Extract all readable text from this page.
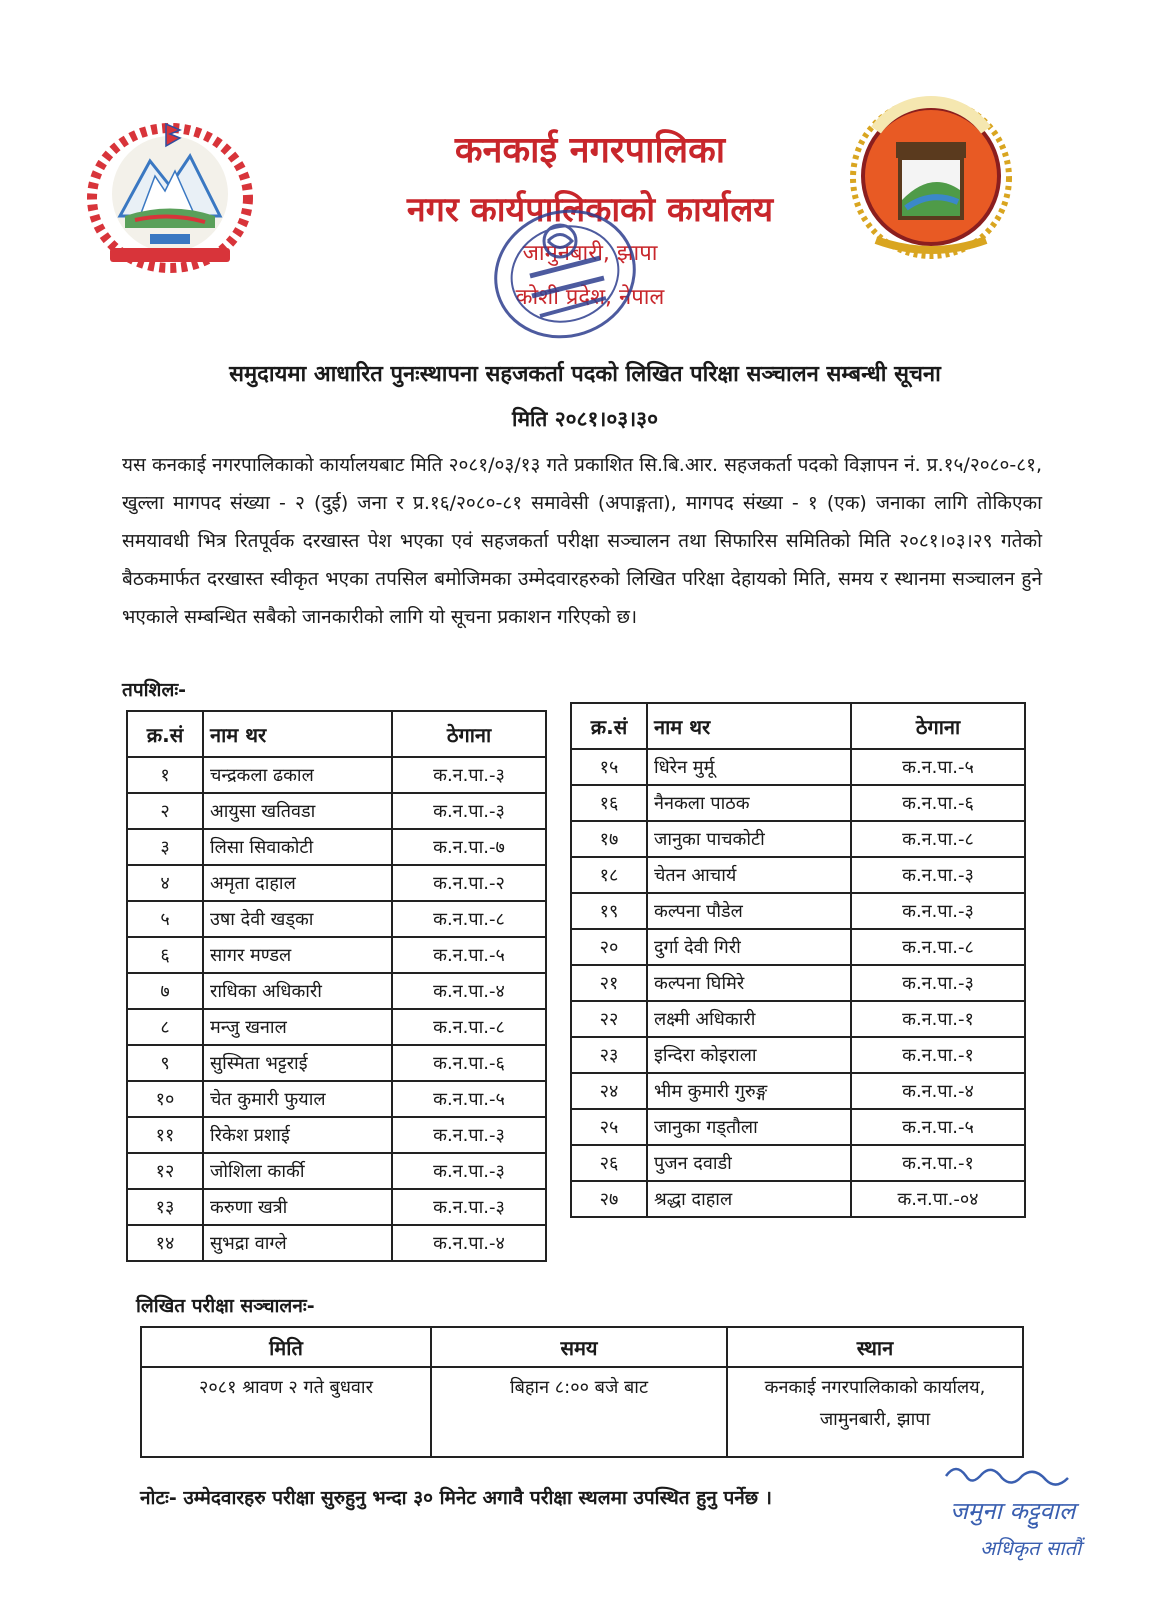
कनकाई नगरपालिका
नगर कार्यपालिकाको कार्यालय
जामुनबारी, झापा
कोशी प्रदेश, नेपाल
समुदायमा आधारित पुनःस्थापना सहजकर्ता पदको लिखित परिक्षा सञ्चालन सम्बन्धी सूचना
मिति २०८१।०३।३०
यस कनकाई नगरपालिकाको कार्यालयबाट मिति २०८१/०३/१३ गते प्रकाशित सि.बि.आर. सहजकर्ता पदको विज्ञापन नं. प्र.१५/२०८०-८१, खुल्ला मागपद संख्या - २ (दुई) जना र प्र.१६/२०८०-८१ समावेसी (अपाङ्गता), मागपद संख्या - १ (एक) जनाका लागि तोकिएका समयावधी भित्र रितपूर्वक दरखास्त पेश भएका एवं सहजकर्ता परीक्षा सञ्चालन तथा सिफारिस समितिको मिति २०८१।०३।२९ गतेको बैठकमार्फत दरखास्त स्वीकृत भएका तपसिल बमोजिमका उम्मेदवारहरुको लिखित परिक्षा देहायको मिति, समय र स्थानमा सञ्चालन हुने भएकाले सम्बन्धित सबैको जानकारीको लागि यो सूचना प्रकाशन गरिएको छ।
तपशिलः-
क्र.सं	नाम थर	ठेगाना
१	चन्द्रकला ढकाल	क.न.पा.-३
२	आयुसा खतिवडा	क.न.पा.-३
३	लिसा सिवाकोटी	क.न.पा.-७
४	अमृता दाहाल	क.न.पा.-२
५	उषा देवी खड्का	क.न.पा.-८
६	सागर मण्डल	क.न.पा.-५
७	राधिका अधिकारी	क.न.पा.-४
८	मन्जु खनाल	क.न.पा.-८
९	सुस्मिता भट्टराई	क.न.पा.-६
१०	चेत कुमारी फुयाल	क.न.पा.-५
११	रिकेश प्रशाई	क.न.पा.-३
१२	जोशिला कार्की	क.न.पा.-३
१३	करुणा खत्री	क.न.पा.-३
१४	सुभद्रा वाग्ले	क.न.पा.-४
क्र.सं	नाम थर	ठेगाना
१५	धिरेन मुर्मू	क.न.पा.-५
१६	नैनकला पाठक	क.न.पा.-६
१७	जानुका पाचकोटी	क.न.पा.-८
१८	चेतन आचार्य	क.न.पा.-३
१९	कल्पना पौडेल	क.न.पा.-३
२०	दुर्गा देवी गिरी	क.न.पा.-८
२१	कल्पना घिमिरे	क.न.पा.-३
२२	लक्ष्मी अधिकारी	क.न.पा.-१
२३	इन्दिरा कोइराला	क.न.पा.-१
२४	भीम कुमारी गुरुङ्ग	क.न.पा.-४
२५	जानुका गड्तौला	क.न.पा.-५
२६	पुजन दवाडी	क.न.पा.-१
२७	श्रद्धा दाहाल	क.न.पा.-०४
लिखित परीक्षा सञ्चालनः-
मिति	समय	स्थान
२०८१ श्रावण २ गते बुधवार	बिहान ८:०० बजे बाट	कनकाई नगरपालिकाको कार्यालय,
जामुनबारी, झापा
नोटः- उम्मेदवारहरु परीक्षा सुरुहुनु भन्दा ३० मिनेट अगावै परीक्षा स्थलमा उपस्थित हुनु पर्नेछ ।	जमुना कट्टुवाल
अधिकृत सातौं
